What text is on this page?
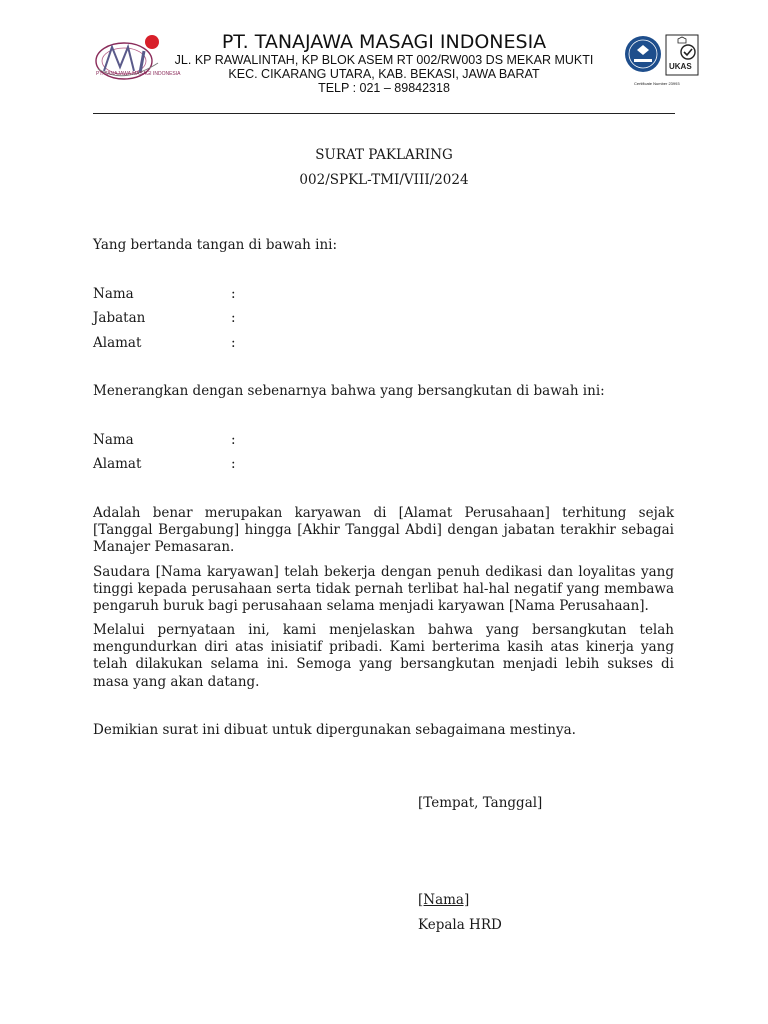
PT. TANAJAWA MASAGI INDONESIA
PT. TANAJAWA MASAGI INDONESIA
JL. KP RAWALINTAH, KP BLOK ASEM RT 002/RW003 DS MEKAR MUKTI
KEC. CIKARANG UTARA, KAB. BEKASI, JAWA BARAT
TELP : 021 – 89842318
UKAS
Certificate Number 23993
SURAT PAKLARING
002/SPKL-TMI/VIII/2024
Yang bertanda tangan di bawah ini:
Nama	:
Jabatan	:
Alamat	:
Menerangkan dengan sebenarnya bahwa yang bersangkutan di bawah ini:
Nama	:
Alamat	:
Adalah benar merupakan karyawan di [Alamat Perusahaan] terhitung sejak [Tanggal Bergabung] hingga [Akhir Tanggal Abdi] dengan jabatan terakhir sebagai Manajer Pemasaran.
Saudara [Nama karyawan] telah bekerja dengan penuh dedikasi dan loyalitas yang tinggi kepada perusahaan serta tidak pernah terlibat hal-hal negatif yang membawa pengaruh buruk bagi perusahaan selama menjadi karyawan [Nama Perusahaan].
Melalui pernyataan ini, kami menjelaskan bahwa yang bersangkutan telah mengundurkan diri atas inisiatif pribadi. Kami berterima kasih atas kinerja yang telah dilakukan selama ini. Semoga yang bersangkutan menjadi lebih sukses di masa yang akan datang.
Demikian surat ini dibuat untuk dipergunakan sebagaimana mestinya.
[Tempat, Tanggal]
[Nama]
Kepala HRD
